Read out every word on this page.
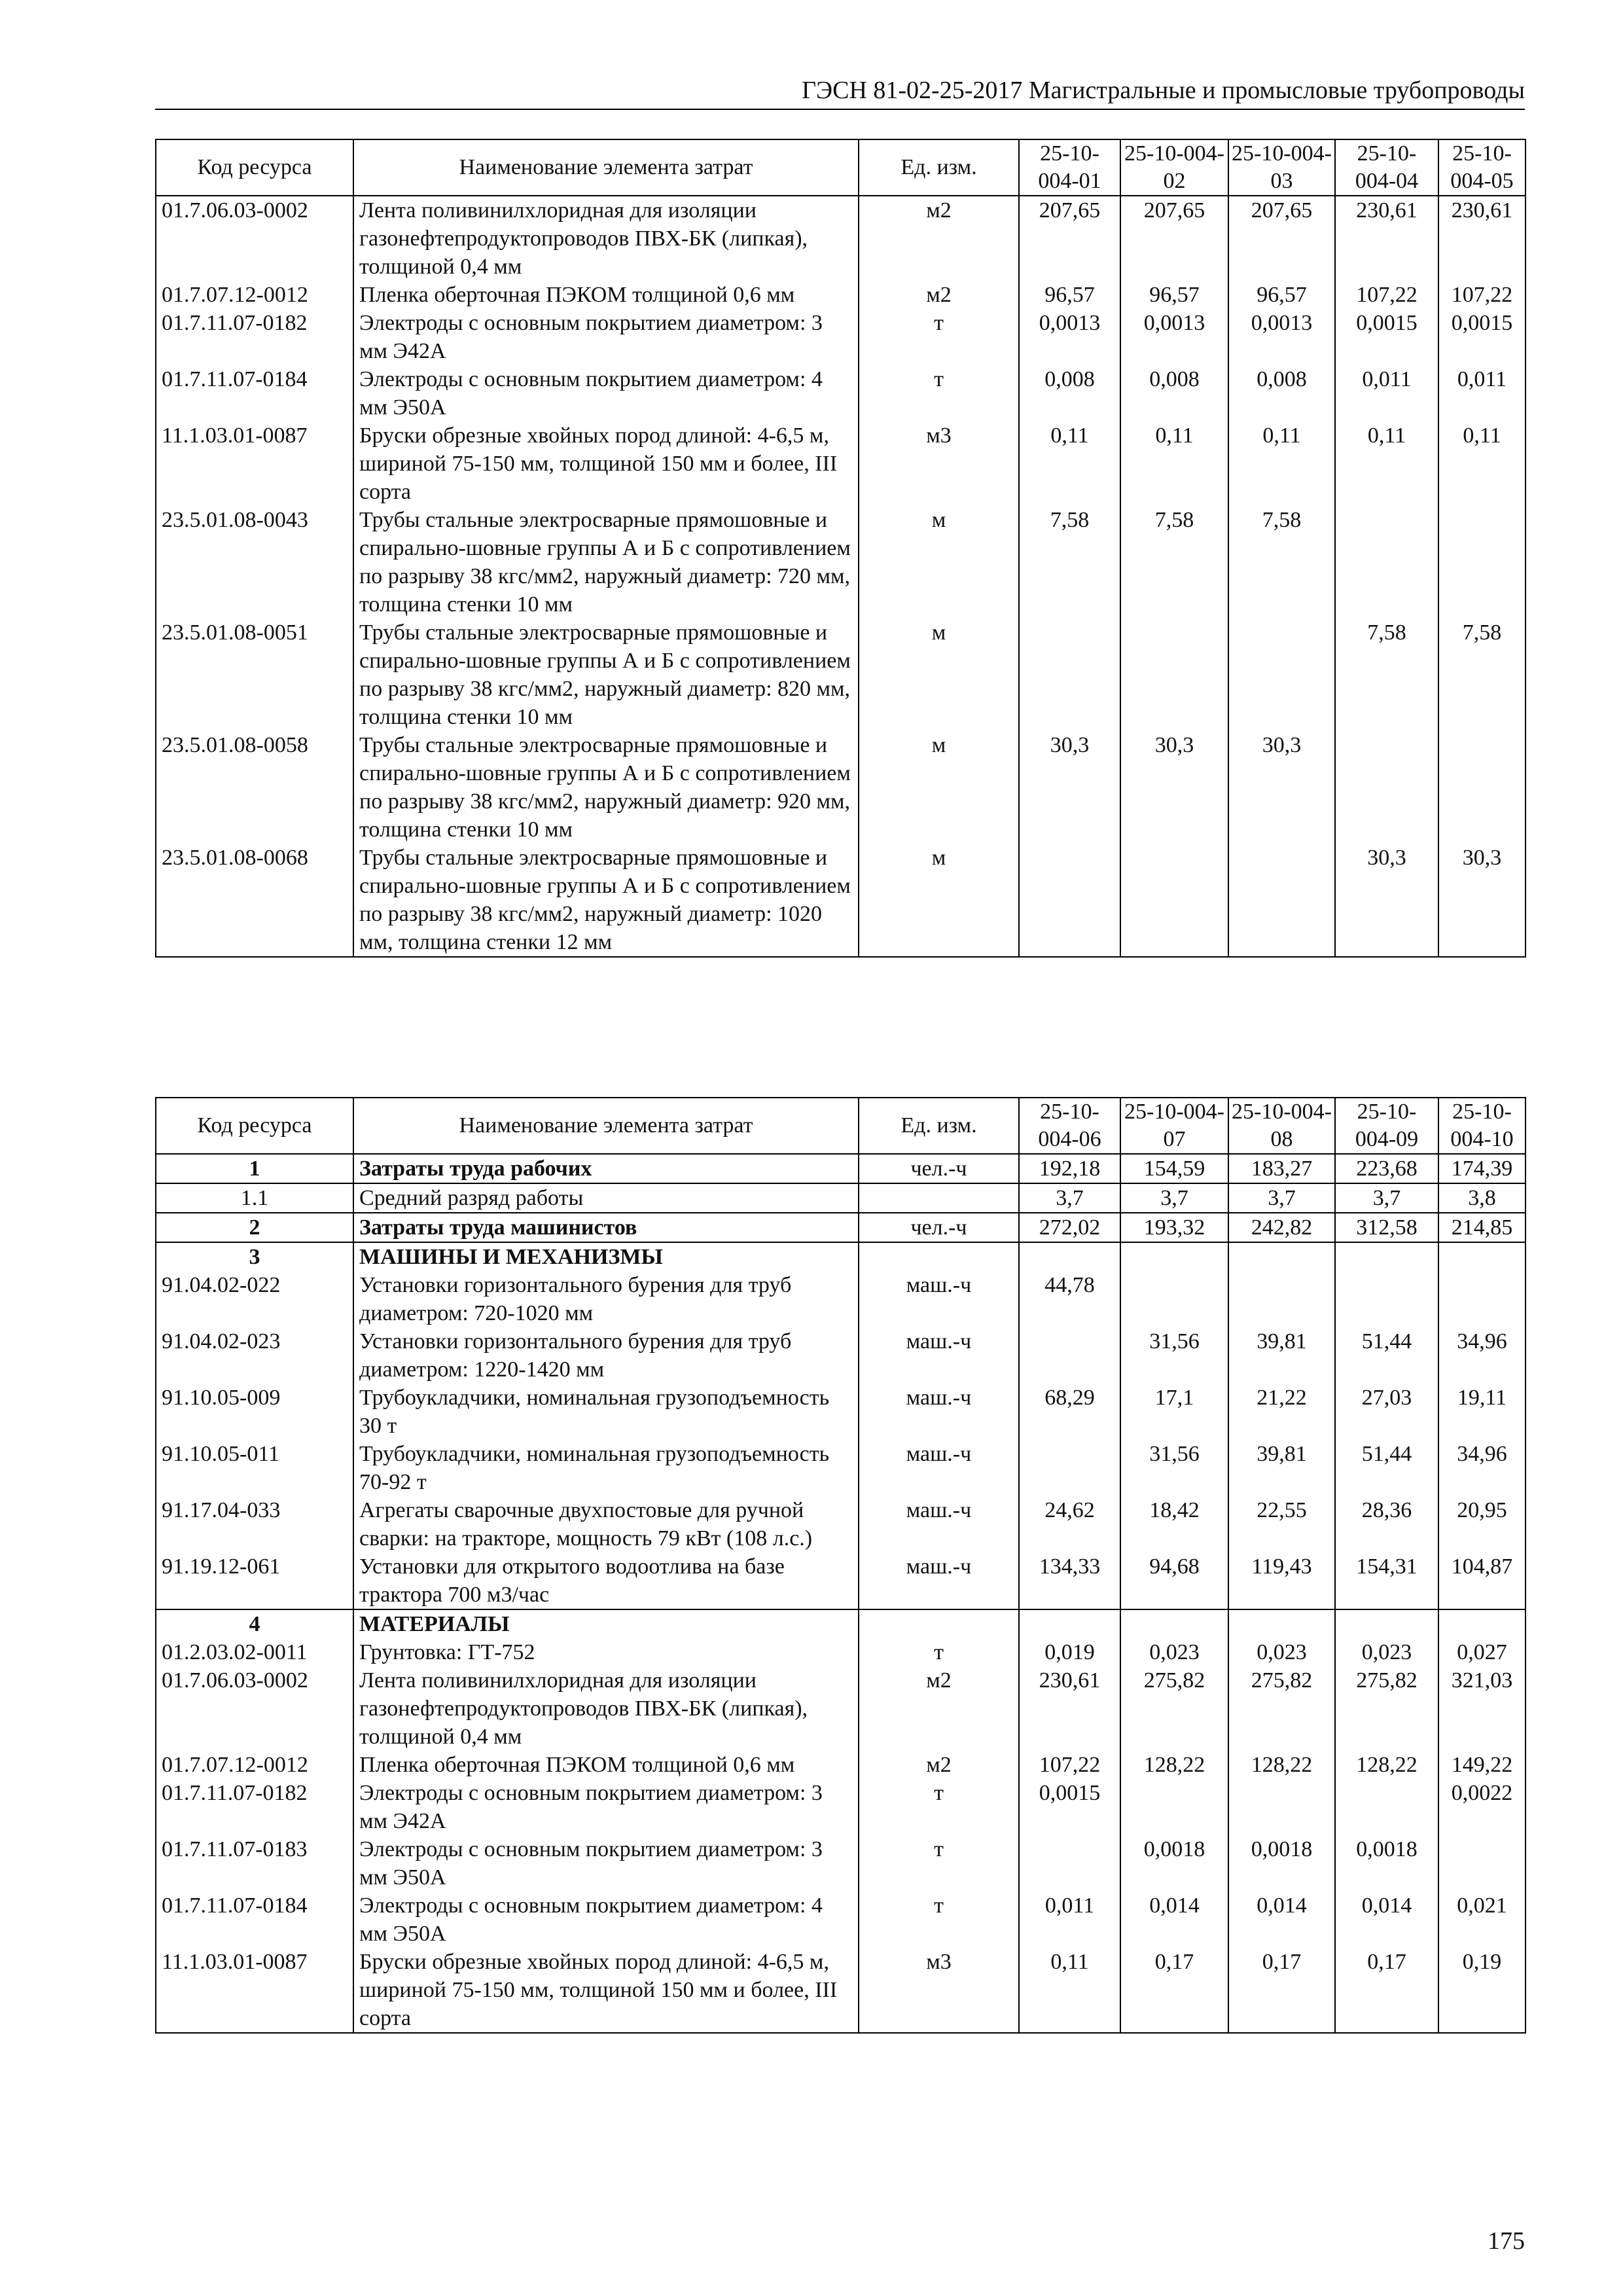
ГЭСН 81-02-25-2017 Магистральные и промысловые трубопроводы
Код ресурса	Наименование элемента затрат	Ед. изм.	25-10-004-01	25-10-004-02	25-10-004-03	25-10-004-04	25-10-004-05
01.7.06.03-0002	Лента поливинилхлоридная для изоляции газонефтепродуктопроводов ПВХ-БК (липкая), толщиной 0,4 мм	м2	207,65	207,65	207,65	230,61	230,61
01.7.07.12-0012	Пленка оберточная ПЭКОМ толщиной 0,6 мм	м2	96,57	96,57	96,57	107,22	107,22
01.7.11.07-0182	Электроды с основным покрытием диаметром: 3 мм Э42А	т	0,0013	0,0013	0,0013	0,0015	0,0015
01.7.11.07-0184	Электроды с основным покрытием диаметром: 4 мм Э50А	т	0,008	0,008	0,008	0,011	0,011
11.1.03.01-0087	Бруски обрезные хвойных пород длиной: 4-6,5 м, шириной 75-150 мм, толщиной 150 мм и более, III сорта	м3	0,11	0,11	0,11	0,11	0,11
23.5.01.08-0043	Трубы стальные электросварные прямошовные и спирально-шовные группы А и Б с сопротивлением по разрыву 38 кгс/мм2, наружный диаметр: 720 мм, толщина стенки 10 мм	м	7,58	7,58	7,58		
23.5.01.08-0051	Трубы стальные электросварные прямошовные и спирально-шовные группы А и Б с сопротивлением по разрыву 38 кгс/мм2, наружный диаметр: 820 мм, толщина стенки 10 мм	м				7,58	7,58
23.5.01.08-0058	Трубы стальные электросварные прямошовные и спирально-шовные группы А и Б с сопротивлением по разрыву 38 кгс/мм2, наружный диаметр: 920 мм, толщина стенки 10 мм	м	30,3	30,3	30,3		
23.5.01.08-0068	Трубы стальные электросварные прямошовные и спирально-шовные группы А и Б с сопротивлением по разрыву 38 кгс/мм2, наружный диаметр: 1020 мм, толщина стенки 12 мм	м				30,3	30,3
Код ресурса	Наименование элемента затрат	Ед. изм.	25-10-004-06	25-10-004-07	25-10-004-08	25-10-004-09	25-10-004-10
1	Затраты труда рабочих	чел.-ч	192,18	154,59	183,27	223,68	174,39
1.1	Средний разряд работы		3,7	3,7	3,7	3,7	3,8
2	Затраты труда машинистов	чел.-ч	272,02	193,32	242,82	312,58	214,85
3	МАШИНЫ И МЕХАНИЗМЫ						
91.04.02-022	Установки горизонтального бурения для труб диаметром: 720-1020 мм	маш.-ч	44,78				
91.04.02-023	Установки горизонтального бурения для труб диаметром: 1220-1420 мм	маш.-ч		31,56	39,81	51,44	34,96
91.10.05-009	Трубоукладчики, номинальная грузоподъемность 30 т	маш.-ч	68,29	17,1	21,22	27,03	19,11
91.10.05-011	Трубоукладчики, номинальная грузоподъемность 70-92 т	маш.-ч		31,56	39,81	51,44	34,96
91.17.04-033	Агрегаты сварочные двухпостовые для ручной сварки: на тракторе, мощность 79 кВт (108 л.с.)	маш.-ч	24,62	18,42	22,55	28,36	20,95
91.19.12-061	Установки для открытого водоотлива на базе трактора 700 м3/час	маш.-ч	134,33	94,68	119,43	154,31	104,87
4	МАТЕРИАЛЫ						
01.2.03.02-0011	Грунтовка: ГТ-752	т	0,019	0,023	0,023	0,023	0,027
01.7.06.03-0002	Лента поливинилхлоридная для изоляции газонефтепродуктопроводов ПВХ-БК (липкая), толщиной 0,4 мм	м2	230,61	275,82	275,82	275,82	321,03
01.7.07.12-0012	Пленка оберточная ПЭКОМ толщиной 0,6 мм	м2	107,22	128,22	128,22	128,22	149,22
01.7.11.07-0182	Электроды с основным покрытием диаметром: 3 мм Э42А	т	0,0015				0,0022
01.7.11.07-0183	Электроды с основным покрытием диаметром: 3 мм Э50А	т		0,0018	0,0018	0,0018	
01.7.11.07-0184	Электроды с основным покрытием диаметром: 4 мм Э50А	т	0,011	0,014	0,014	0,014	0,021
11.1.03.01-0087	Бруски обрезные хвойных пород длиной: 4-6,5 м, шириной 75-150 мм, толщиной 150 мм и более, III сорта	м3	0,11	0,17	0,17	0,17	0,19
175
